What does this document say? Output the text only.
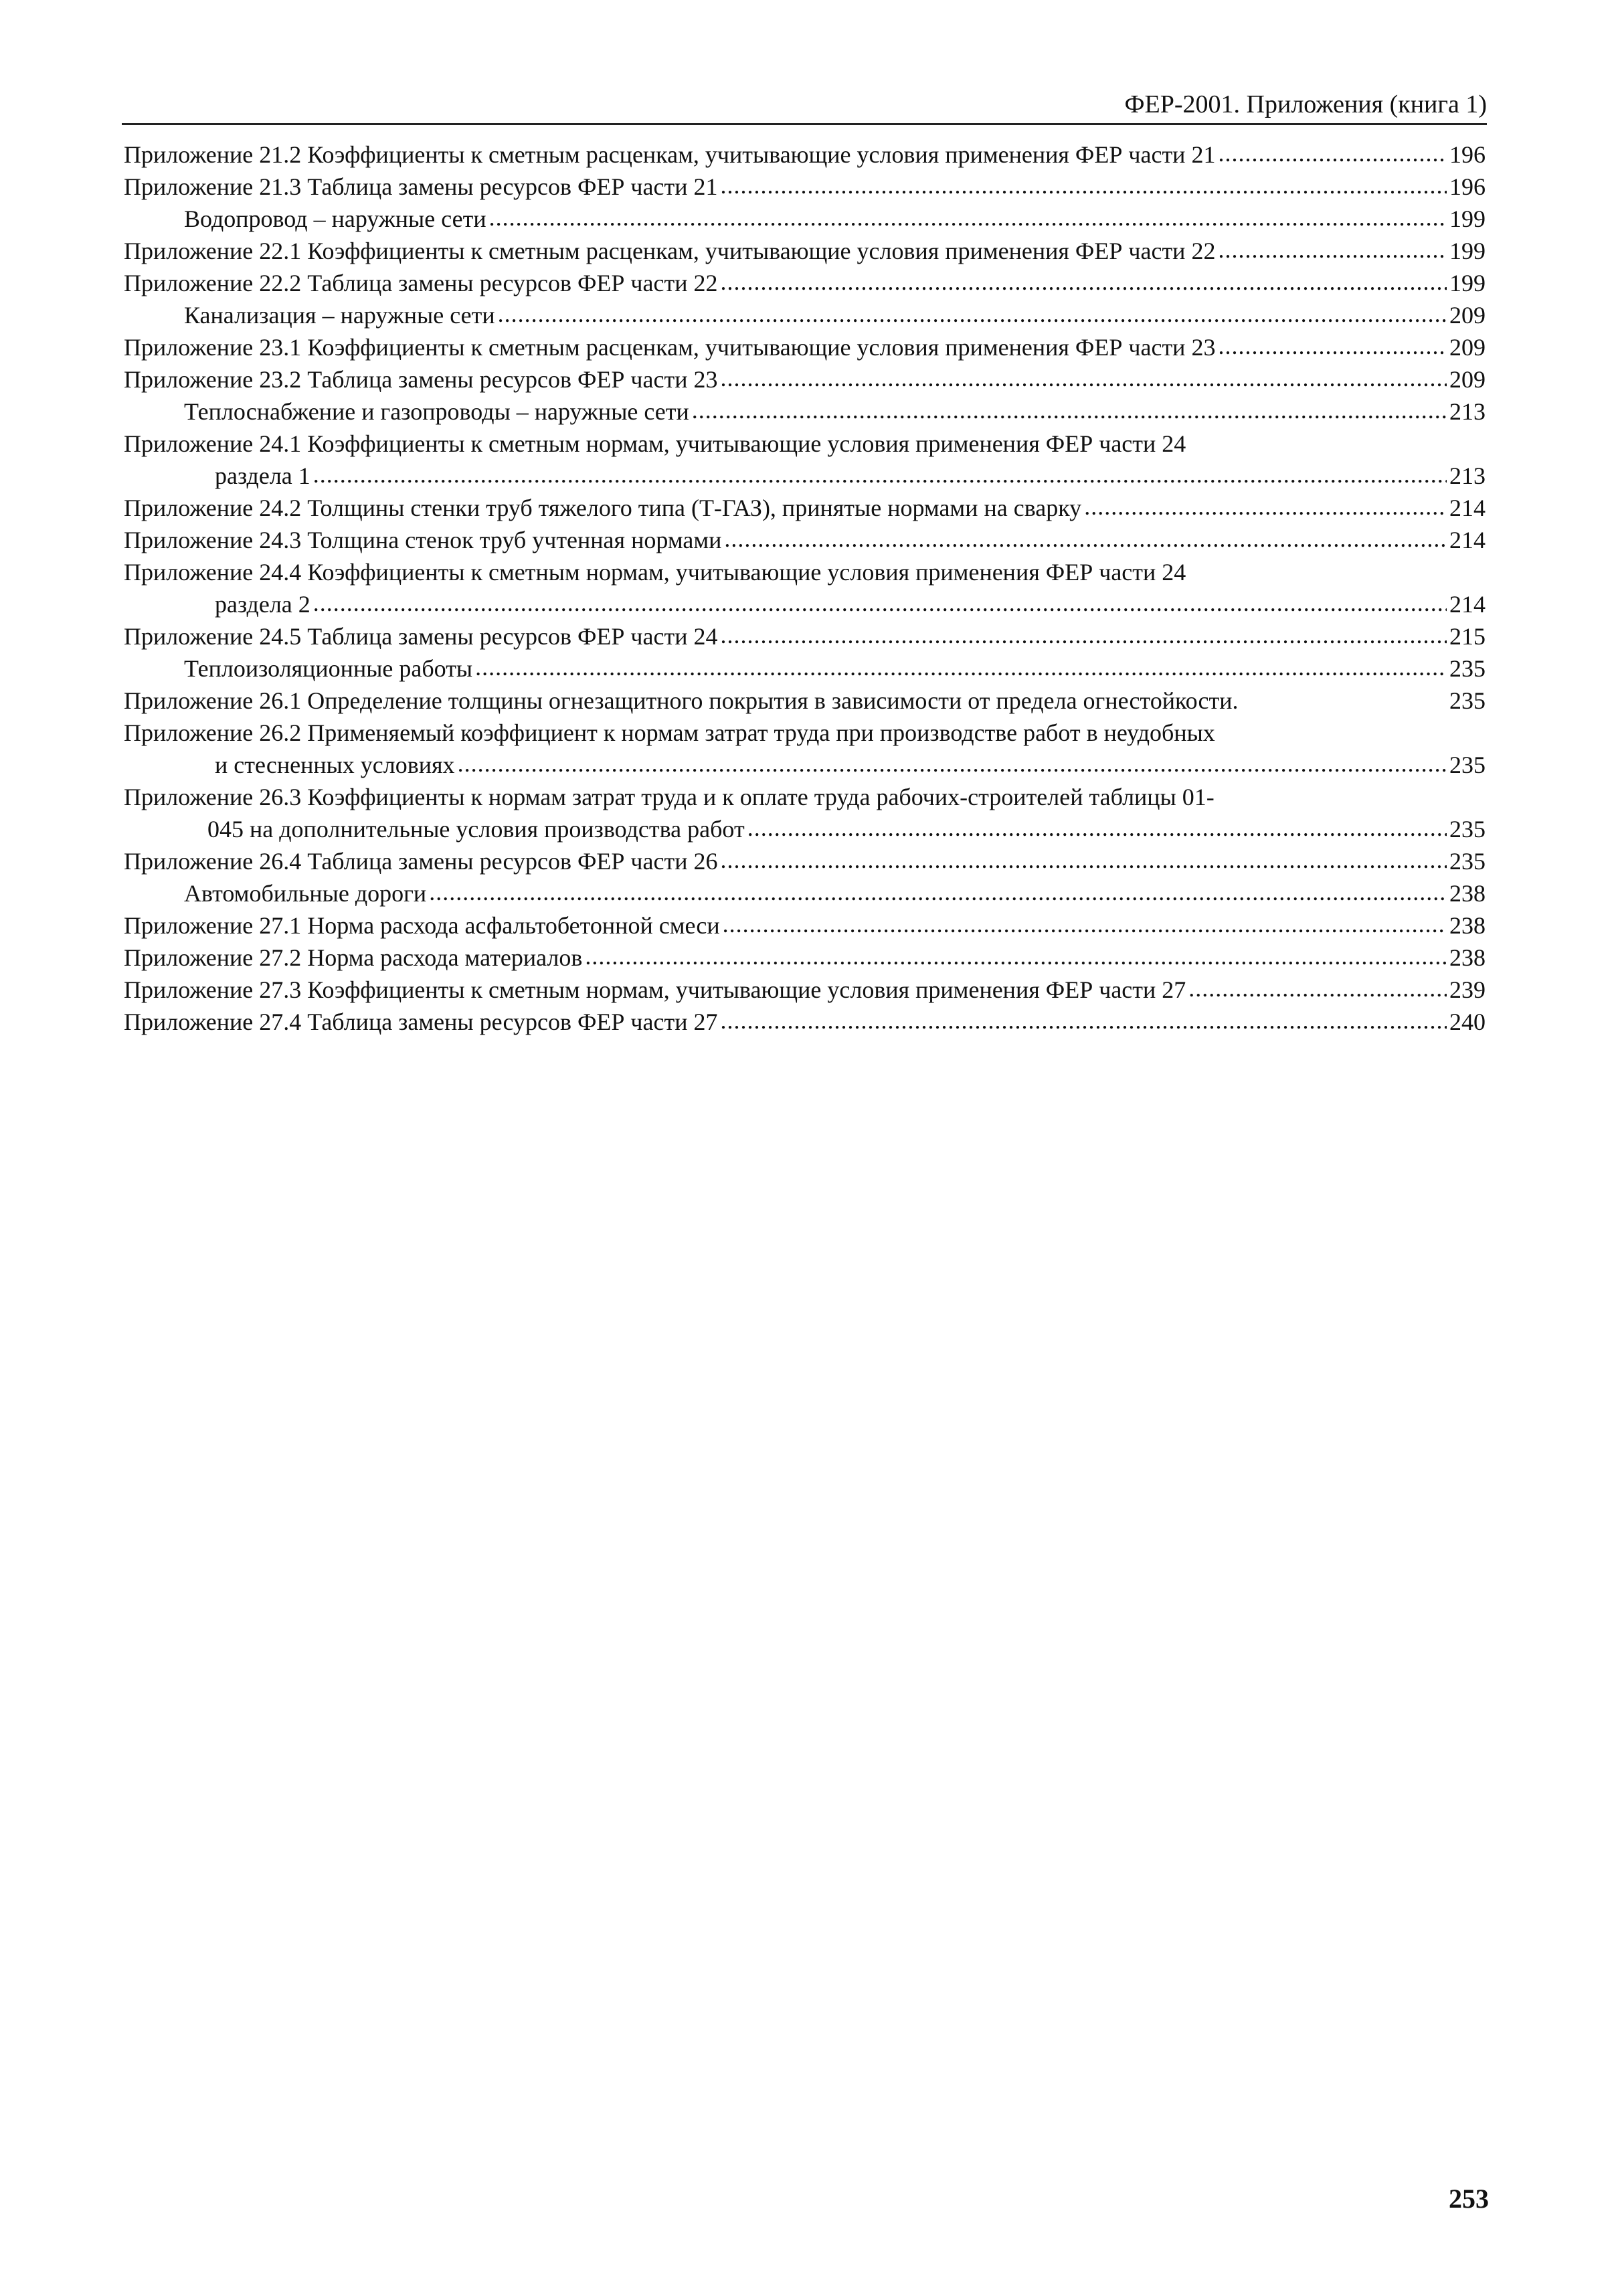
ФЕР-2001. Приложения (книга 1)
Приложение 21.2 Коэффициенты к сметным расценкам, учитывающие условия применения ФЕР части 21 .....	196
Приложение 21.3 Таблица замены ресурсов ФЕР части 21 .....	196
Водопровод – наружные сети .....	199
Приложение 22.1 Коэффициенты к сметным расценкам, учитывающие условия применения ФЕР части 22 .....	199
Приложение 22.2 Таблица замены ресурсов ФЕР части 22 .....	199
Канализация – наружные сети .....	209
Приложение 23.1 Коэффициенты к сметным расценкам, учитывающие условия применения ФЕР части 23 .....	209
Приложение 23.2 Таблица замены ресурсов ФЕР части 23 .....	209
Теплоснабжение и газопроводы – наружные сети .....	213
Приложение 24.1 Коэффициенты к сметным нормам, учитывающие условия применения ФЕР части 24
раздела 1 .....	213
Приложение 24.2 Толщины стенки труб тяжелого типа (Т-ГАЗ), принятые нормами на сварку .....	214
Приложение 24.3 Толщина стенок труб учтенная нормами .....	214
Приложение 24.4 Коэффициенты к сметным нормам, учитывающие условия применения ФЕР части 24
раздела 2 .....	214
Приложение 24.5 Таблица замены ресурсов ФЕР части 24 .....	215
Теплоизоляционные работы .....	235
Приложение 26.1 Определение толщины огнезащитного покрытия в зависимости от предела огнестойкости.	235
Приложение 26.2 Применяемый коэффициент к нормам затрат труда при производстве работ в неудобных
и стесненных условиях .....	235
Приложение 26.3 Коэффициенты к нормам затрат труда и к оплате труда рабочих-строителей таблицы 01-
045 на дополнительные условия производства работ .....	235
Приложение 26.4 Таблица замены ресурсов ФЕР части 26 .....	235
Автомобильные дороги .....	238
Приложение 27.1 Норма расхода асфальтобетонной смеси .....	238
Приложение 27.2 Норма расхода материалов .....	238
Приложение 27.3 Коэффициенты к сметным нормам, учитывающие условия применения ФЕР части 27 .....	239
Приложение 27.4 Таблица замены ресурсов ФЕР части 27 .....	240
253
